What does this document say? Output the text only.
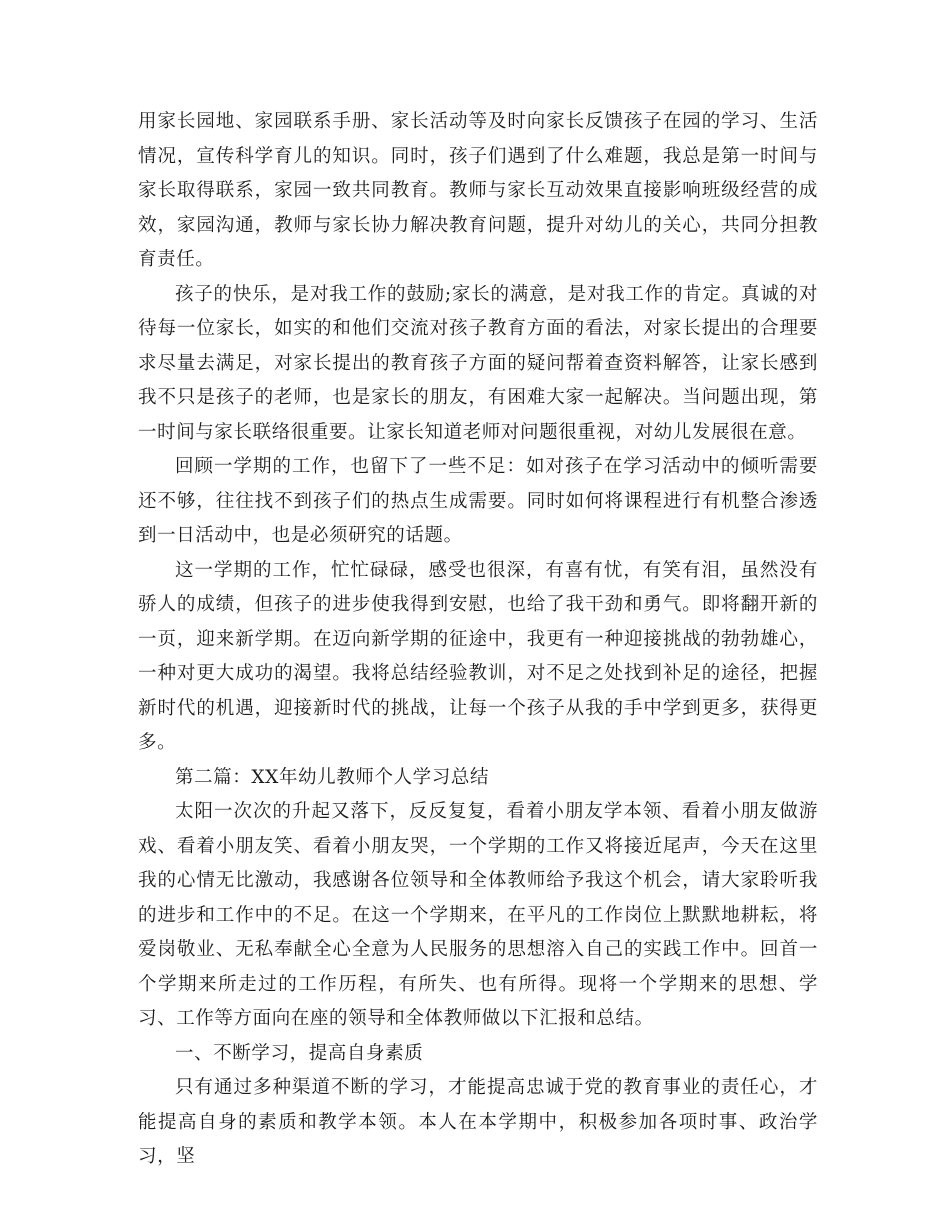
用家长园地、家园联系手册、家长活动等及时向家长反馈孩子在园的学习、生活情况，宣传科学育儿的知识。同时，孩子们遇到了什么难题，我总是第一时间与家长取得联系，家园一致共同教育。教师与家长互动效果直接影响班级经营的成效，家园沟通，教师与家长协力解决教育问题，提升对幼儿的关心，共同分担教育责任。

孩子的快乐，是对我工作的鼓励;家长的满意，是对我工作的肯定。真诚的对待每一位家长，如实的和他们交流对孩子教育方面的看法，对家长提出的合理要求尽量去满足，对家长提出的教育孩子方面的疑问帮着查资料解答，让家长感到我不只是孩子的老师，也是家长的朋友，有困难大家一起解决。当问题出现，第一时间与家长联络很重要。让家长知道老师对问题很重视，对幼儿发展很在意。

回顾一学期的工作，也留下了一些不足：如对孩子在学习活动中的倾听需要还不够，往往找不到孩子们的热点生成需要。同时如何将课程进行有机整合渗透到一日活动中，也是必须研究的话题。

这一学期的工作，忙忙碌碌，感受也很深，有喜有忧，有笑有泪，虽然没有骄人的成绩，但孩子的进步使我得到安慰，也给了我干劲和勇气。即将翻开新的一页，迎来新学期。在迈向新学期的征途中，我更有一种迎接挑战的勃勃雄心，一种对更大成功的渴望。我将总结经验教训，对不足之处找到补足的途径，把握新时代的机遇，迎接新时代的挑战，让每一个孩子从我的手中学到更多，获得更多。

第二篇：XX年幼儿教师个人学习总结

太阳一次次的升起又落下，反反复复，看着小朋友学本领、看着小朋友做游戏、看着小朋友笑、看着小朋友哭，一个学期的工作又将接近尾声，今天在这里我的心情无比激动，我感谢各位领导和全体教师给予我这个机会，请大家聆听我的进步和工作中的不足。在这一个学期来，在平凡的工作岗位上默默地耕耘，将爱岗敬业、无私奉献全心全意为人民服务的思想溶入自己的实践工作中。回首一个学期来所走过的工作历程，有所失、也有所得。现将一个学期来的思想、学习、工作等方面向在座的领导和全体教师做以下汇报和总结。

一、不断学习，提高自身素质

只有通过多种渠道不断的学习，才能提高忠诚于党的教育事业的责任心，才能提高自身的素质和教学本领。本人在本学期中，积极参加各项时事、政治学习，坚
